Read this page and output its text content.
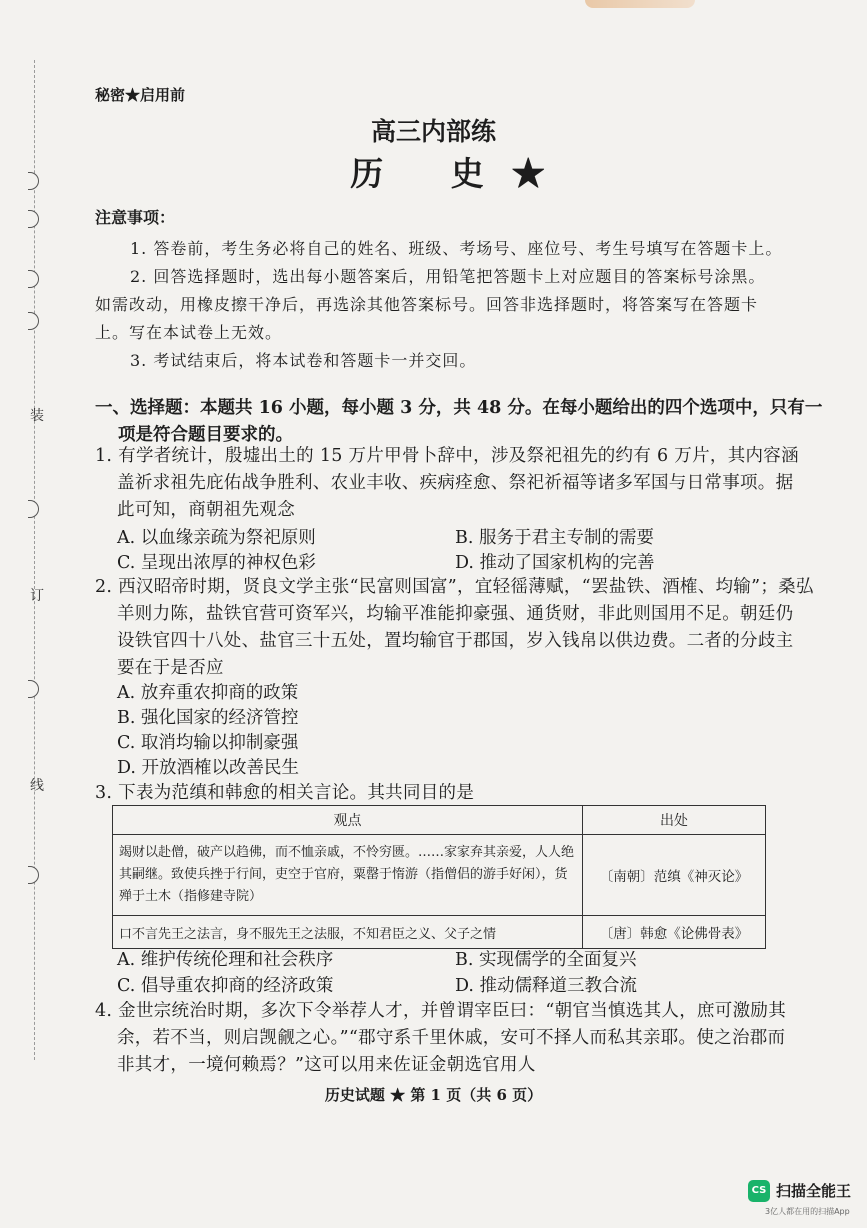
装
订
线
秘密★启用前
高三内部练
历 史★
注意事项：
1. 答卷前，考生务必将自己的姓名、班级、考场号、座位号、考生号填写在答题卡上。
2. 回答选择题时，选出每小题答案后，用铅笔把答题卡上对应题目的答案标号涂黑。
如需改动，用橡皮擦干净后，再选涂其他答案标号。回答非选择题时，将答案写在答题卡
上。写在本试卷上无效。
3. 考试结束后，将本试卷和答题卡一并交回。
一、选择题：本题共 16 小题，每小题 3 分，共 48 分。在每小题给出的四个选项中，只有一
项是符合题目要求的。
1. 有学者统计，殷墟出土的 15 万片甲骨卜辞中，涉及祭祀祖先的约有 6 万片，其内容涵
盖祈求祖先庇佑战争胜利、农业丰收、疾病痊愈、祭祀祈福等诸多军国与日常事项。据
此可知，商朝祖先观念
A. 以血缘亲疏为祭祀原则	B. 服务于君主专制的需要
C. 呈现出浓厚的神权色彩	D. 推动了国家机构的完善
2. 西汉昭帝时期，贤良文学主张“民富则国富”，宜轻徭薄赋，“罢盐铁、酒榷、均输”；桑弘
羊则力陈，盐铁官营可资军兴，均输平准能抑豪强、通货财，非此则国用不足。朝廷仍
设铁官四十八处、盐官三十五处，置均输官于郡国，岁入钱帛以供边费。二者的分歧主
要在于是否应
A. 放弃重农抑商的政策
B. 强化国家的经济管控
C. 取消均输以抑制豪强
D. 开放酒榷以改善民生
3. 下表为范缜和韩愈的相关言论。其共同目的是
观点	出处
竭财以赴僧，破产以趋佛，而不恤亲戚，不怜穷匮。……家家弃其亲爱，人人绝其嗣继。致使兵挫于行间，吏空于官府，粟罄于惰游（指僧侣的游手好闲），货殚于土木（指修建寺院）	〔南朝〕范缜《神灭论》
口不言先王之法言，身不服先王之法服，不知君臣之义、父子之情	〔唐〕韩愈《论佛骨表》
A. 维护传统伦理和社会秩序	B. 实现儒学的全面复兴
C. 倡导重农抑商的经济政策	D. 推动儒释道三教合流
4. 金世宗统治时期，多次下令举荐人才，并曾谓宰臣曰：“朝官当慎选其人，庶可激励其
余，若不当，则启觊觎之心。”“郡守系千里休戚，安可不择人而私其亲耶。使之治郡而
非其才，一境何赖焉？”这可以用来佐证金朝选官用人
历史试题 ★ 第 1 页（共 6 页）
CS 扫描全能王
3亿人都在用的扫描App
